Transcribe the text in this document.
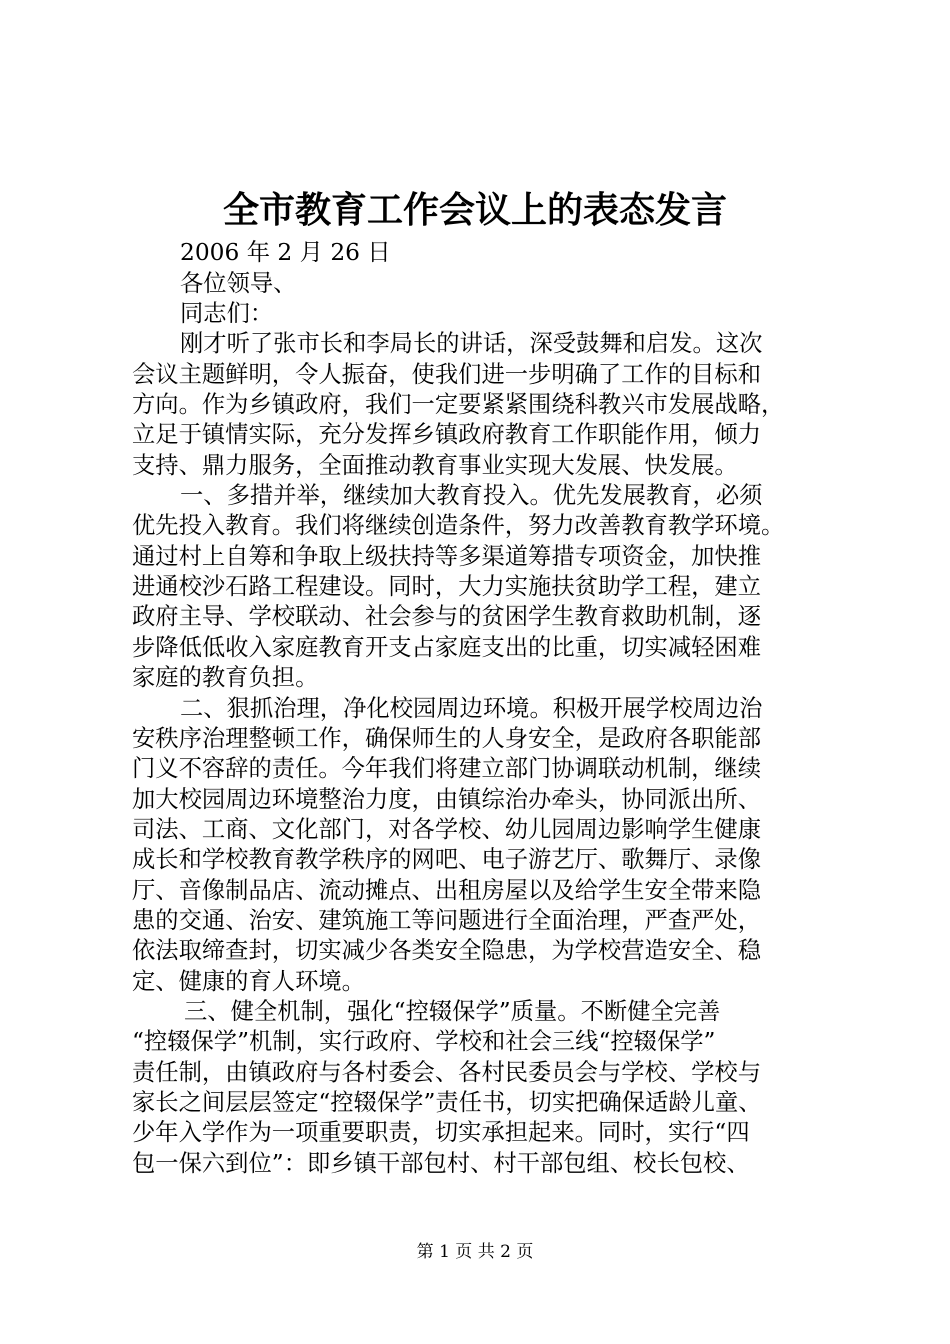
全市教育工作会议上的表态发言
2006 年 2 月 26 日
各位领导、
同志们：
刚才听了张市长和李局长的讲话，深受鼓舞和启发。这次
会议主题鲜明，令人振奋，使我们进一步明确了工作的目标和
方向。作为乡镇政府，我们一定要紧紧围绕科教兴市发展战略，
立足于镇情实际，充分发挥乡镇政府教育工作职能作用，倾力
支持、鼎力服务，全面推动教育事业实现大发展、快发展。
一、多措并举，继续加大教育投入。优先发展教育，必须
优先投入教育。我们将继续创造条件，努力改善教育教学环境。
通过村上自筹和争取上级扶持等多渠道筹措专项资金，加快推
进通校沙石路工程建设。同时，大力实施扶贫助学工程，建立
政府主导、学校联动、社会参与的贫困学生教育救助机制，逐
步降低低收入家庭教育开支占家庭支出的比重，切实减轻困难
家庭的教育负担。
二、狠抓治理，净化校园周边环境。积极开展学校周边治
安秩序治理整顿工作，确保师生的人身安全，是政府各职能部
门义不容辞的责任。今年我们将建立部门协调联动机制，继续
加大校园周边环境整治力度，由镇综治办牵头，协同派出所、
司法、工商、文化部门，对各学校、幼儿园周边影响学生健康
成长和学校教育教学秩序的网吧、电子游艺厅、歌舞厅、录像
厅、音像制品店、流动摊点、出租房屋以及给学生安全带来隐
患的交通、治安、建筑施工等问题进行全面治理，严查严处，
依法取缔查封，切实减少各类安全隐患，为学校营造安全、稳
定、健康的育人环境。
三、健全机制，强化“控辍保学”质量。不断健全完善
“控辍保学”机制，实行政府、学校和社会三线“控辍保学”
责任制，由镇政府与各村委会、各村民委员会与学校、学校与
家长之间层层签定“控辍保学”责任书，切实把确保适龄儿童、
少年入学作为一项重要职责，切实承担起来。同时，实行“四
包一保六到位”：即乡镇干部包村、村干部包组、校长包校、
第 1 页 共 2 页
